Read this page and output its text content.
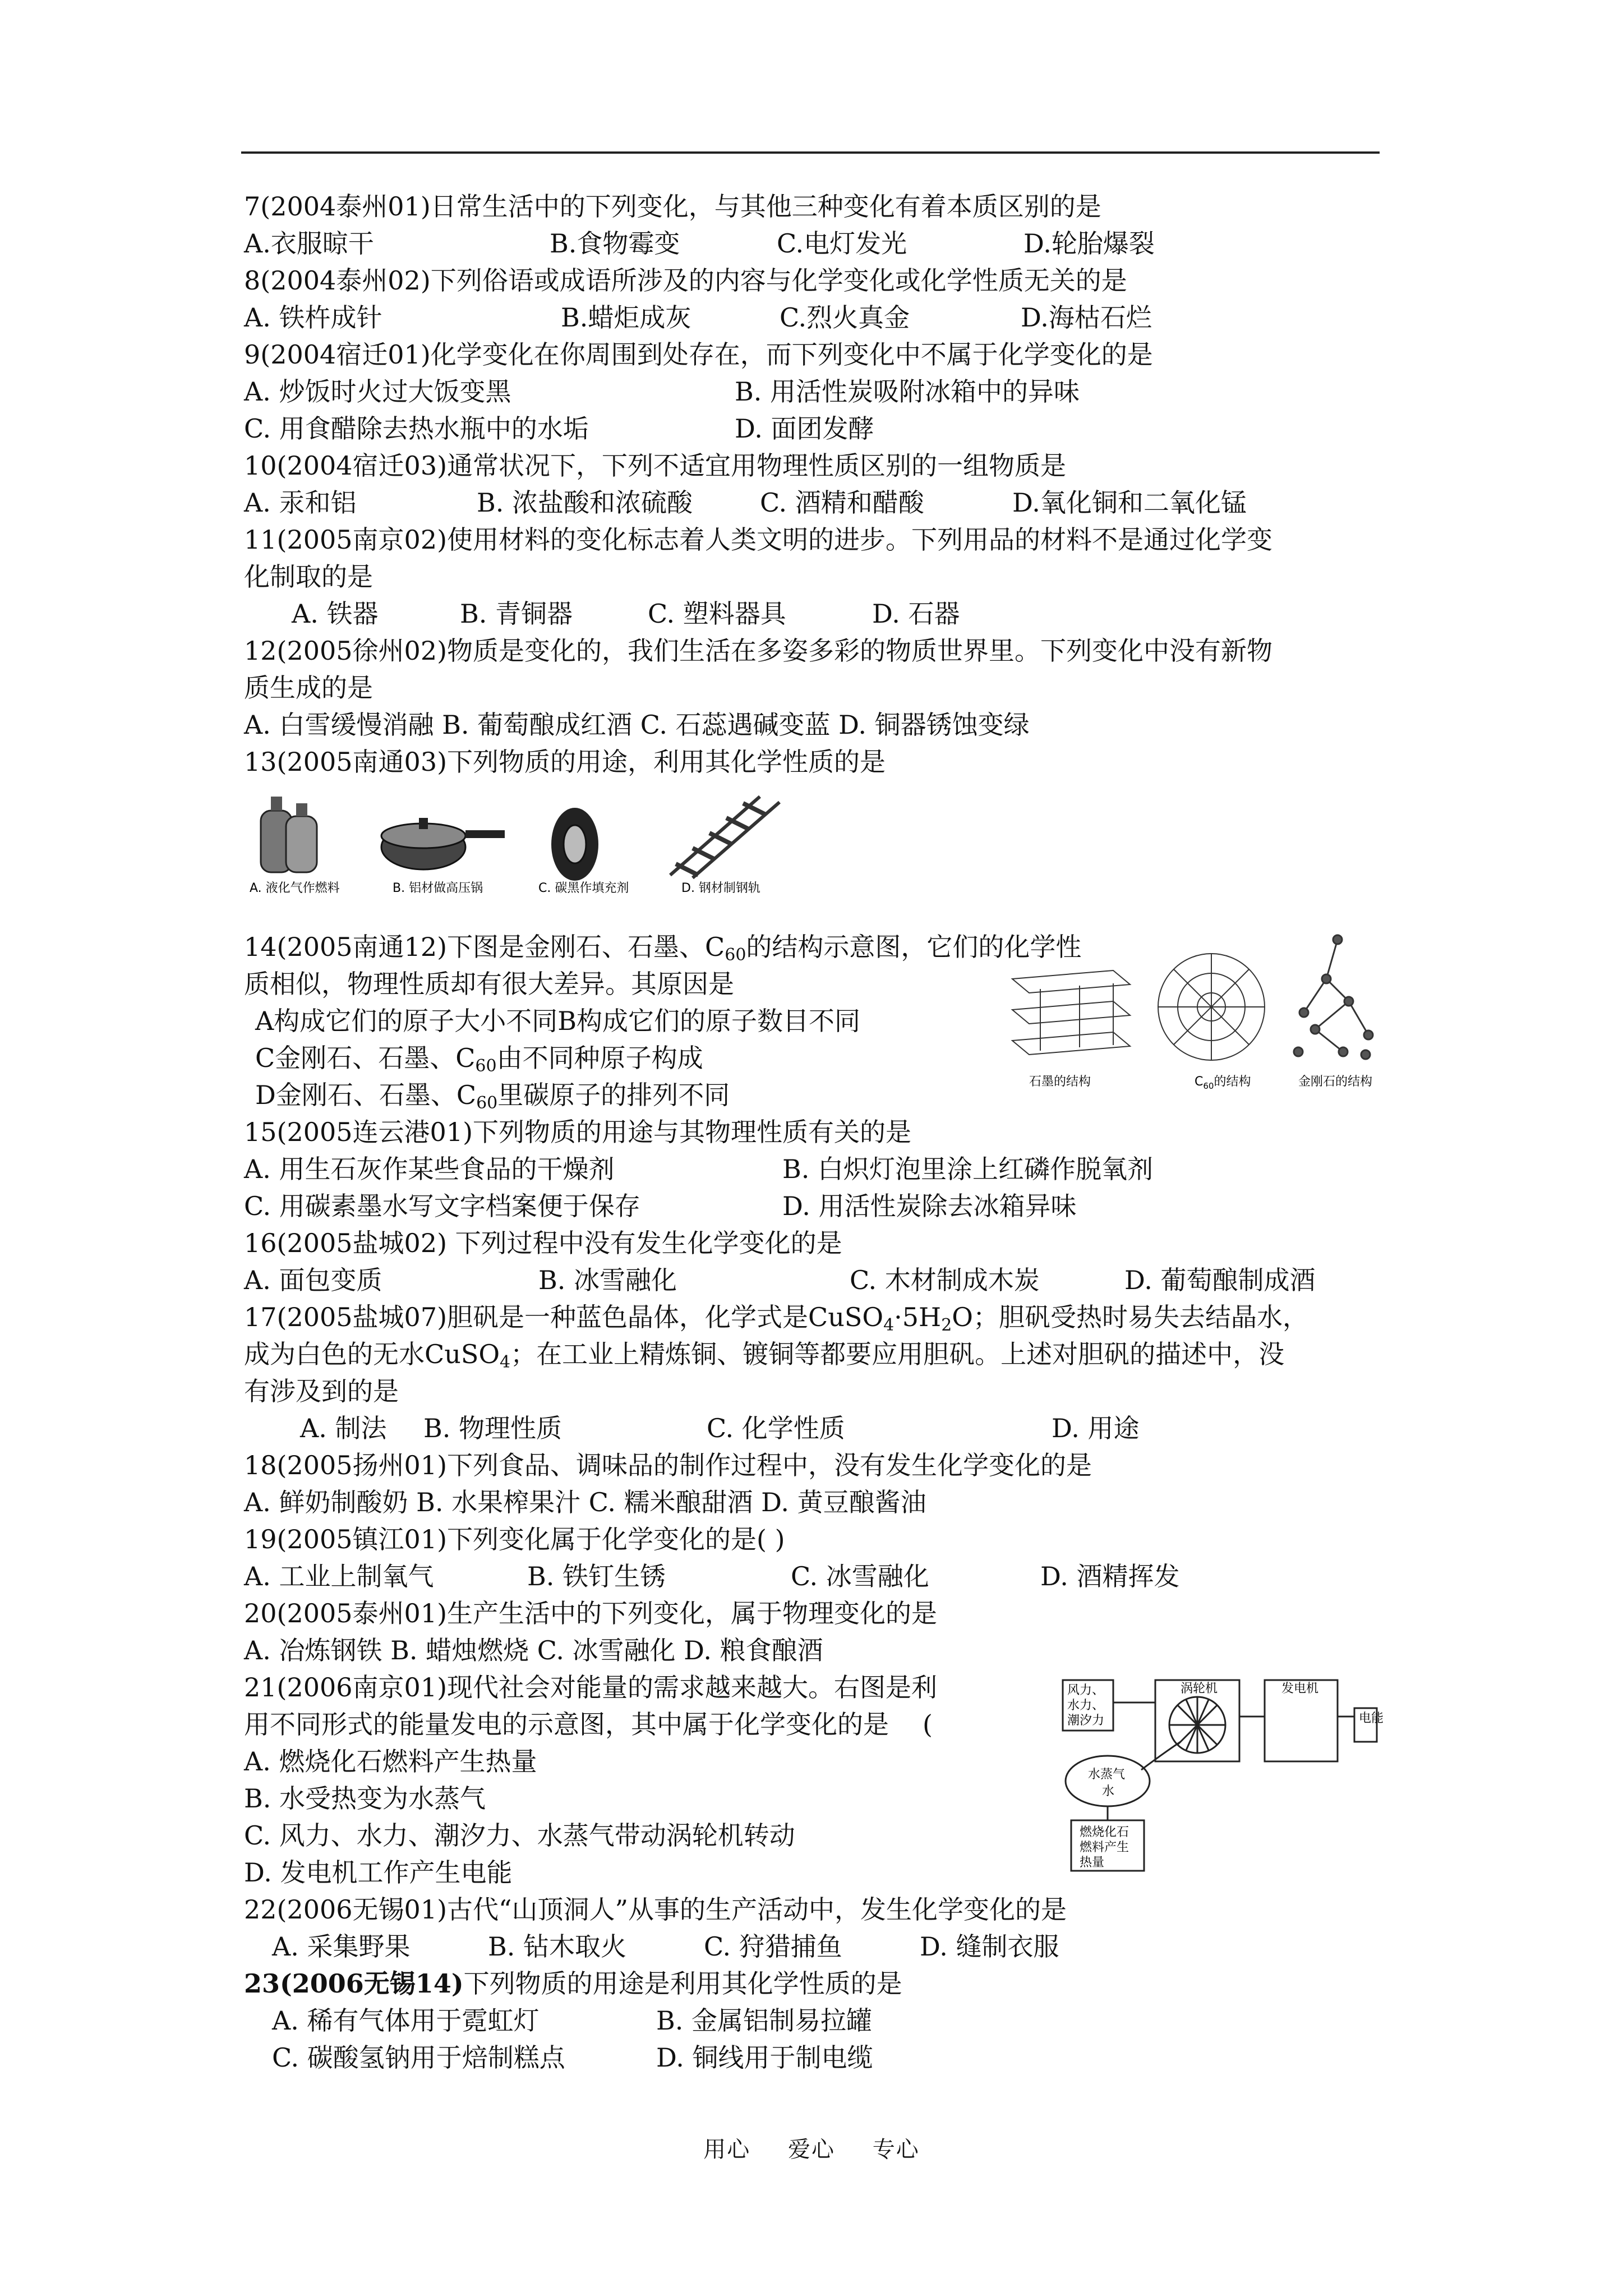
7(2004泰州01)日常生活中的下列变化，与其他三种变化有着本质区别的是
A.衣服晾干	B.食物霉变	C.电灯发光	D.轮胎爆裂
8(2004泰州02)下列俗语或成语所涉及的内容与化学变化或化学性质无关的是
A. 铁杵成针	B.蜡炬成灰	C.烈火真金	D.海枯石烂
9(2004宿迁01)化学变化在你周围到处存在，而下列变化中不属于化学变化的是
A. 炒饭时火过大饭变黑	B. 用活性炭吸附冰箱中的异味
C. 用食醋除去热水瓶中的水垢	D. 面团发酵
10(2004宿迁03)通常状况下，下列不适宜用物理性质区别的一组物质是
A. 汞和铝	B. 浓盐酸和浓硫酸	C. 酒精和醋酸	D.氧化铜和二氧化锰
11(2005南京02)使用材料的变化标志着人类文明的进步。下列用品的材料不是通过化学变
化制取的是
A. 铁器	B. 青铜器	C. 塑料器具	D. 石器
12(2005徐州02)物质是变化的，我们生活在多姿多彩的物质世界里。下列变化中没有新物
质生成的是
A. 白雪缓慢消融 B. 葡萄酿成红酒 C. 石蕊遇碱变蓝 D. 铜器锈蚀变绿
13(2005南通03)下列物质的用途，利用其化学性质的是
A. 液化气作燃料	B. 铝材做高压锅	C. 碳黑作填充剂	D. 钢材制钢轨
14(2005南通12)下图是金刚石、石墨、$C_{60}$的结构示意图，它们的化学性
质相似，物理性质却有很大差异。其原因是
A构成它们的原子大小不同B构成它们的原子数目不同
C金刚石、石墨、$C_{60}$由不同种原子构成
D金刚石、石墨、$C_{60}$里碳原子的排列不同	石墨的结构	$C_{60}$的结构	金刚石的结构
15(2005连云港01)下列物质的用途与其物理性质有关的是
A. 用生石灰作某些食品的干燥剂	B. 白炽灯泡里涂上红磷作脱氧剂
C. 用碳素墨水写文字档案便于保存	D. 用活性炭除去冰箱异味
16(2005盐城02) 下列过程中没有发生化学变化的是
A. 面包变质	B. 冰雪融化	C. 木材制成木炭	D. 葡萄酿制成酒
17(2005盐城07)胆矾是一种蓝色晶体，化学式是$CuSO_4\cdot 5H_2O$；胆矾受热时易失去结晶水，
成为白色的无水CuSO$_4$；在工业上精炼铜、镀铜等都要应用胆矾。上述对胆矾的描述中，没
有涉及到的是
A. 制法 B. 物理性质	C. 化学性质	D. 用途
18(2005扬州01)下列食品、调味品的制作过程中，没有发生化学变化的是
A. 鲜奶制酸奶 B. 水果榨果汁 C. 糯米酿甜酒 D. 黄豆酿酱油
19(2005镇江01)下列变化属于化学变化的是( )
A. 工业上制氧气	B. 铁钉生锈	C. 冰雪融化	D. 酒精挥发
20(2005泰州01)生产生活中的下列变化，属于物理变化的是
A. 冶炼钢铁 B. 蜡烛燃烧 C. 冰雪融化 D. 粮食酿酒
21(2006南京01)现代社会对能量的需求越来越大。右图是利
用不同形式的能量发电的示意图，其中属于化学变化的是 (
A. 燃烧化石燃料产生热量
B. 水受热变为水蒸气
C. 风力、水力、潮汐力、水蒸气带动涡轮机转动
D. 发电机工作产生电能
风力、
水力、
潮汐力
涡轮机	发电机
电能
水蒸气
水
燃烧化石
燃料产生
热量
22(2006无锡01)古代“山顶洞人”从事的生产活动中，发生化学变化的是
A. 采集野果	B. 钻木取火	C. 狩猎捕鱼	D. 缝制衣服
23(2006无锡14)下列物质的用途是利用其化学性质的是
A. 稀有气体用于霓虹灯	B. 金属铝制易拉罐
C. 碳酸氢钠用于焙制糕点	D. 铜线用于制电缆
用心 爱心 专心
